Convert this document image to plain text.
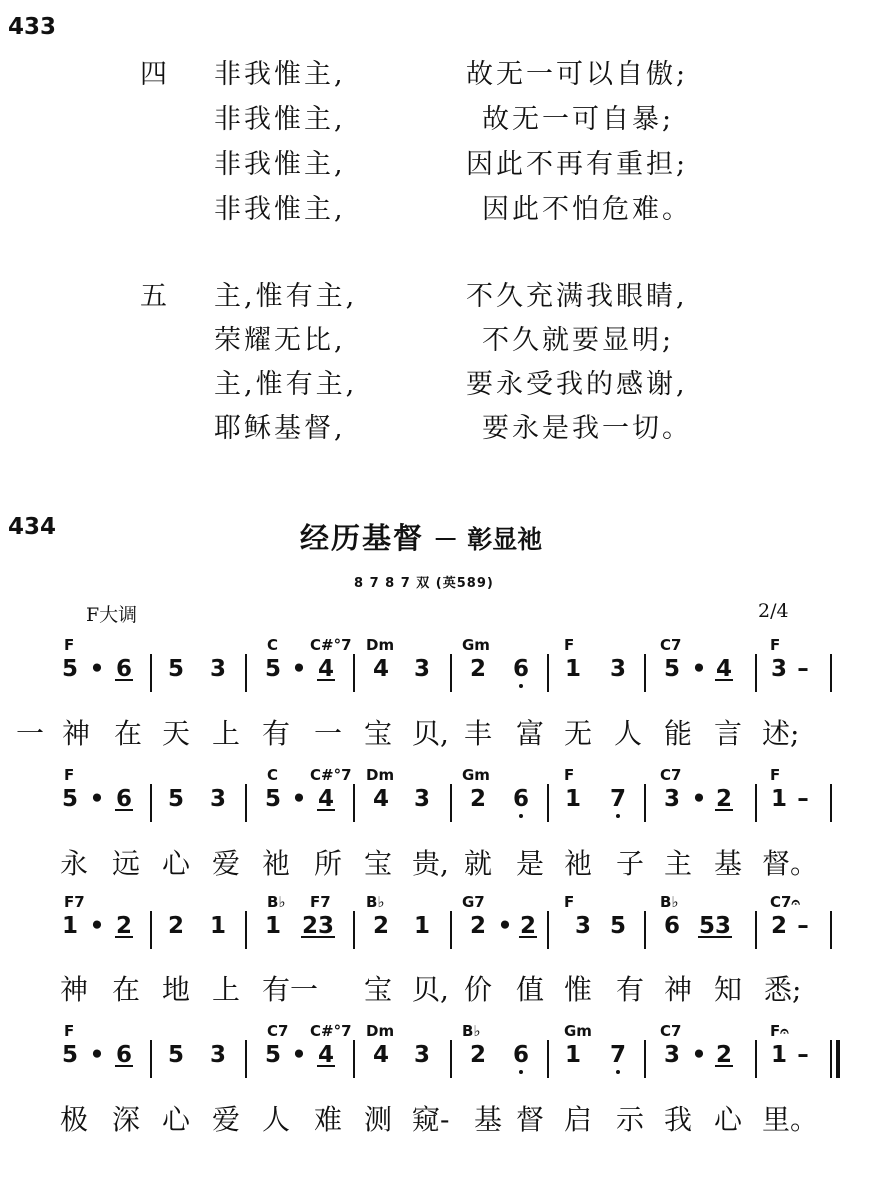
433
四 非我惟主,	故无一可以自傲;
非我惟主,	故无一可自暴;
非我惟主,	因此不再有重担;
非我惟主,	因此不怕危难。
五 主,惟有主,	不久充满我眼睛,
荣耀无比,	不久就要显明;
主,惟有主,	要永受我的感谢,
耶稣基督,	要永是我一切。
434	经历基督 － 彰显祂
8 7 8 7 双 (英589)
F大调	2/4
F	C C#°7 Dm	Gm	F	C7	F
5 • 6 5 3 5 • 4 4 3 2 6 1 3 5 • 4 3 –
一 神 在 天 上 有 一 宝 贝, 丰 富 无 人 能 言 述;
F	C C#°7 Dm	Gm	F	C7	F
5 • 6 5 3 5 • 4 4 3 2 6 1 7 3 • 2 1 –
永 远 心 爱 祂 所 宝 贵, 就 是 祂 子 主 基 督。
F7	B♭ F7 B♭	G7	F	B♭	C7𝄐
1 • 2 2 1 1 23 2 1 2 • 2 3 5 6 53 2 –
神 在 地 上 有一 宝 贝, 价 值 惟 有 神 知 悉;
F	C7 C#°7 Dm	B♭	Gm	C7	F𝄐
5 • 6 5 3 5 • 4 4 3 2 6 1 7 3 • 2 1 –
极 深 心 爱 人 难 测 窥- 基 督 启 示 我 心 里。
